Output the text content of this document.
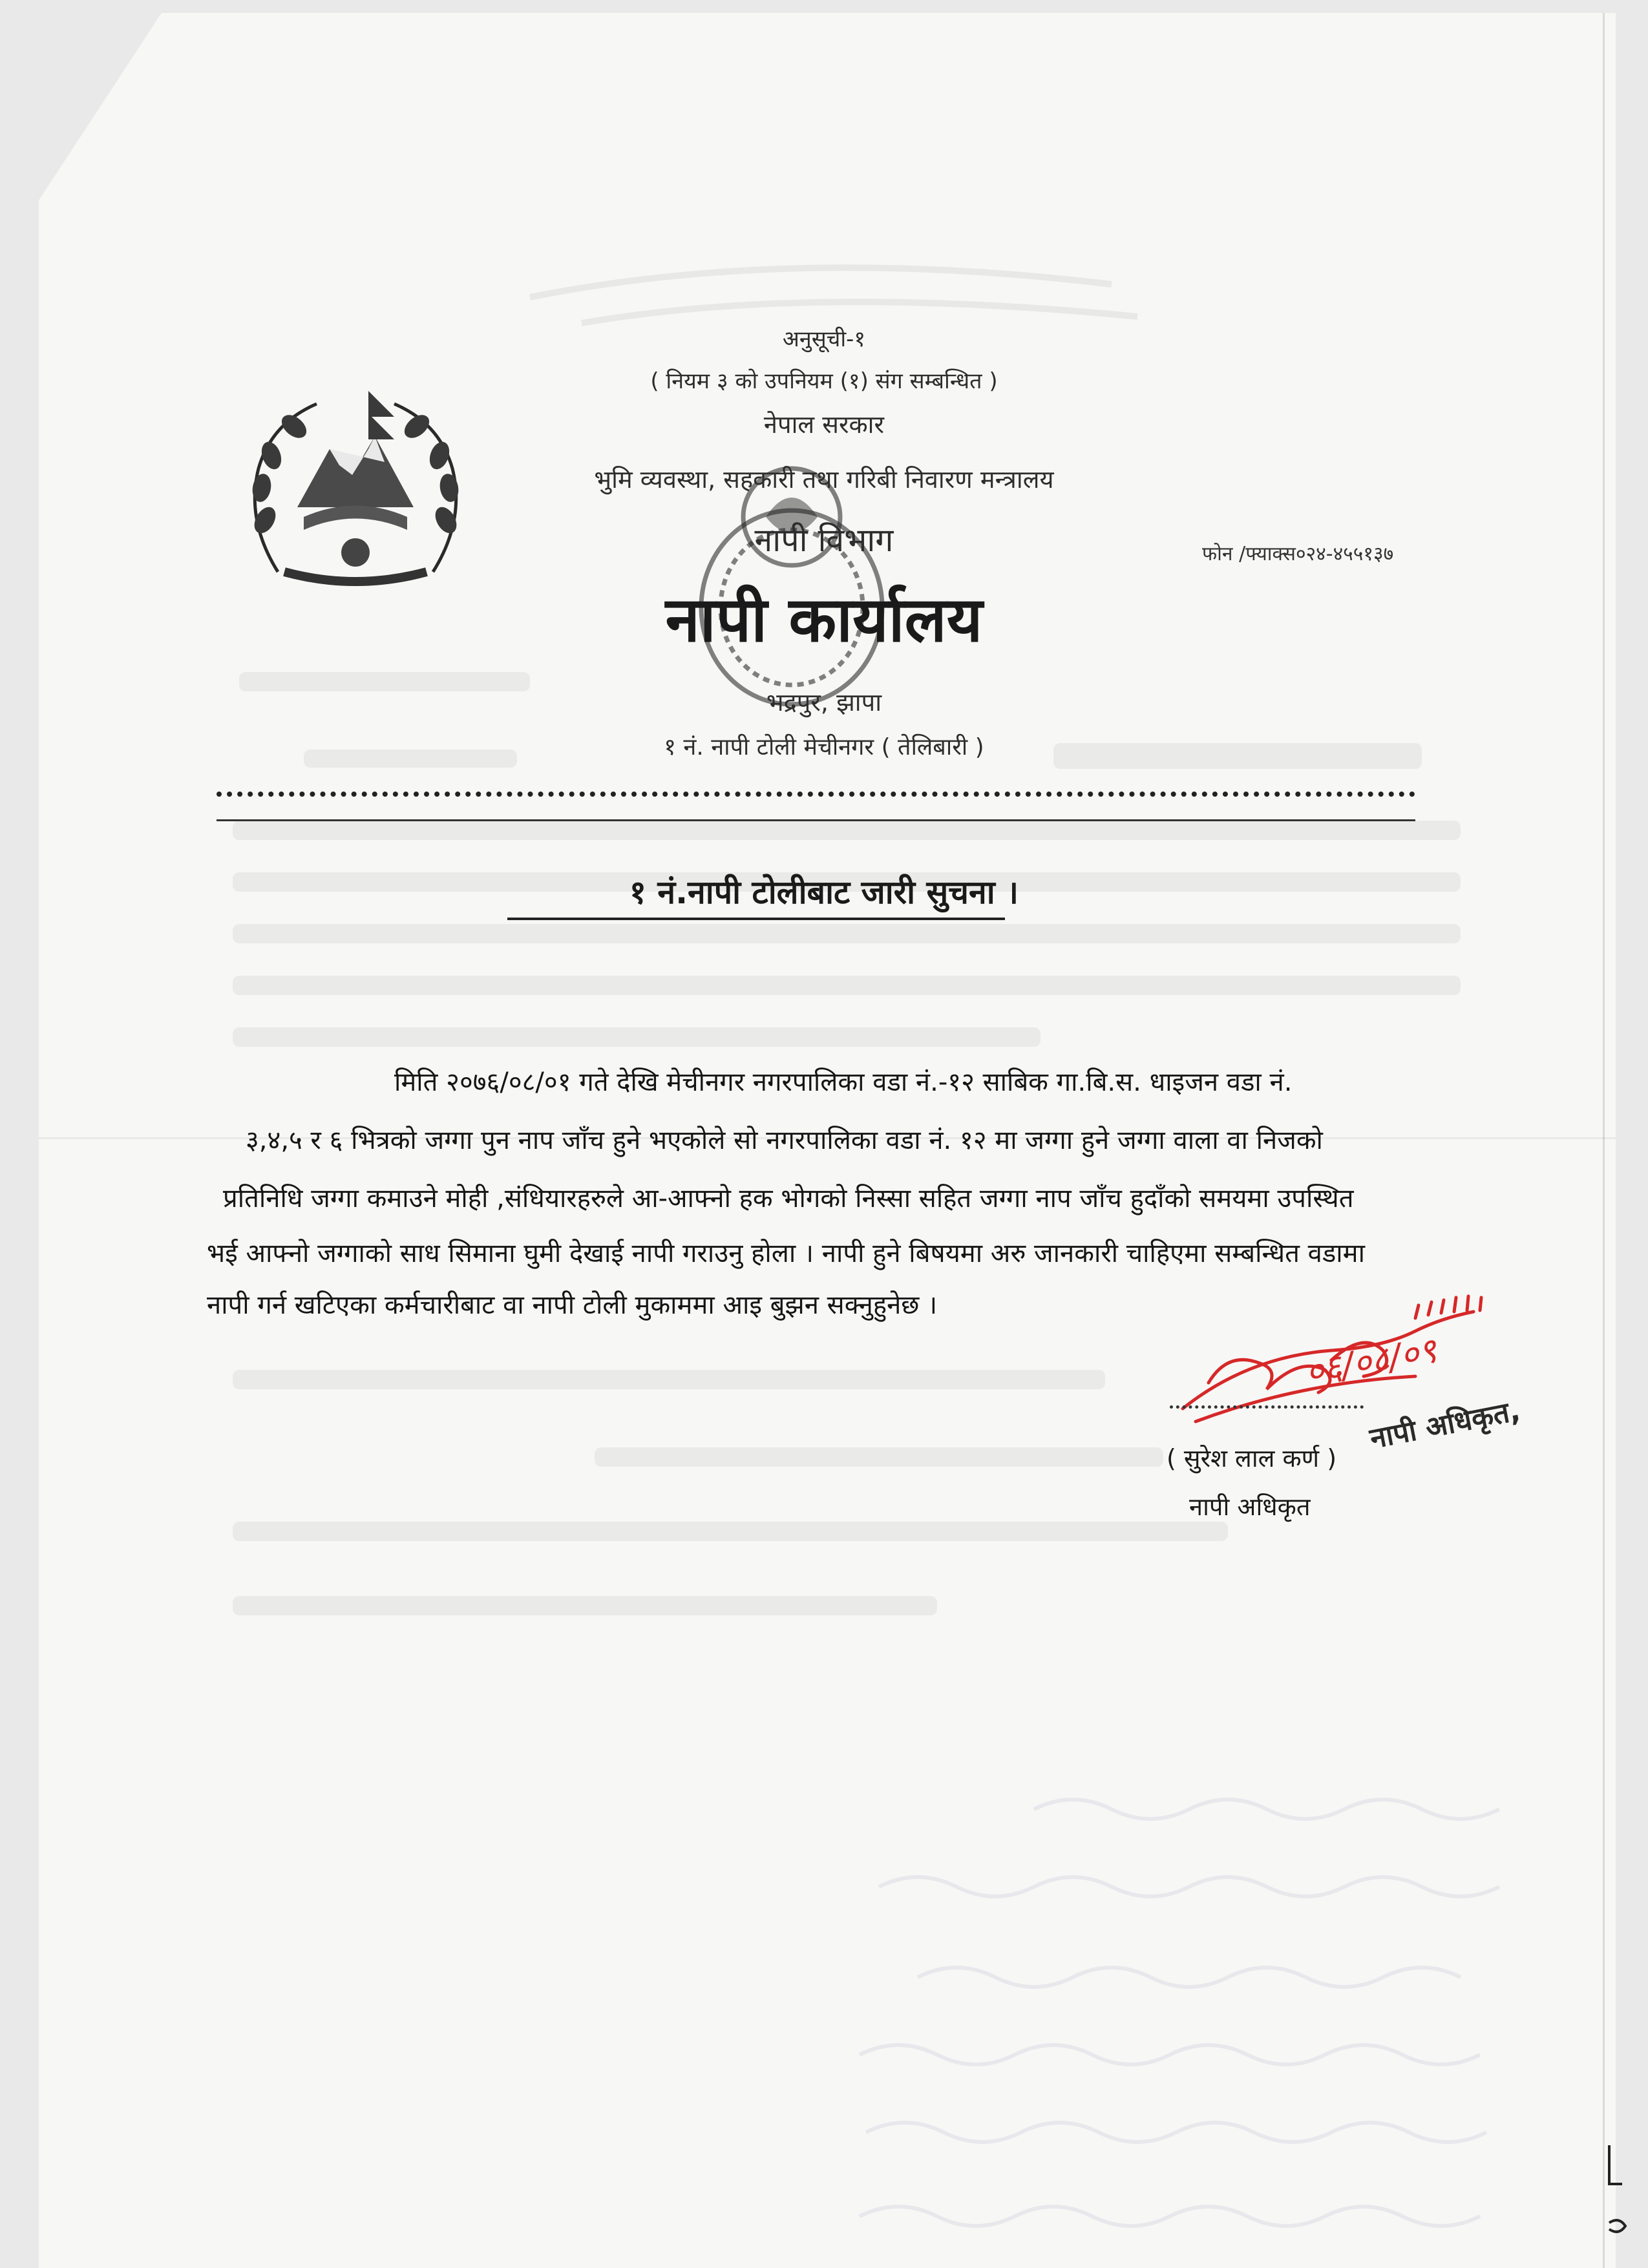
अनुसूची-१
( नियम ३ को उपनियम (१) संग सम्बन्धित )
नेपाल सरकार
भुमि व्यवस्था, सहकारी तथा गरिबी निवारण मन्त्रालय
नापी विभाग
नापी कार्यालय
भद्रपुर, झापा
१ नं. नापी टोली मेचीनगर ( तेलिबारी )
फोन /फ्याक्स०२४-४५५१३७
१ नं.नापी टोलीबाट जारी सुचना ।
मिति २०७६/०८/०१ गते देखि मेचीनगर नगरपालिका वडा नं.-१२ साबिक गा.बि.स. धाइजन वडा नं.
३,४,५ र ६ भित्रको जग्गा पुन नाप जाँच हुने भएकोले सो नगरपालिका वडा नं. १२ मा जग्गा हुने जग्गा वाला वा निजको
प्रतिनिधि जग्गा कमाउने मोही ,संधियारहरुले आ-आफ्नो हक भोगको निस्सा सहित जग्गा नाप जाँच हुदाँको समयमा उपस्थित
भई आफ्नो जग्गाको साध सिमाना घुमी देखाई नापी गराउनु होला । नापी हुने बिषयमा अरु जानकारी चाहिएमा सम्बन्धित वडामा
नापी गर्न खटिएका कर्मचारीबाट वा नापी टोली मुकाममा आइ बुझन सक्नुहुनेछ ।
०६/०८/०९
( सुरेश लाल कर्ण )
नापी अधिकृत
नापी अधिकृत,
